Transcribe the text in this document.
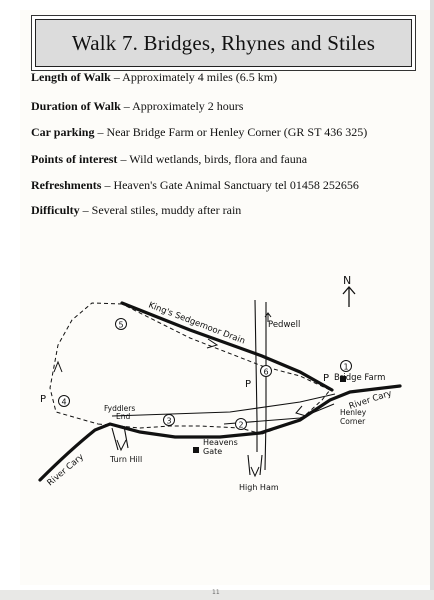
Walk 7. Bridges, Rhynes and Stiles
Length of Walk – Approximately 4 miles (6.5 km)
Duration of Walk – Approximately 2 hours
Car parking – Near Bridge Farm or Henley Corner (GR ST 436 325)
Points of interest – Wild wetlands, birds, flora and fauna
Refreshments – Heaven's Gate Animal Sanctuary tel 01458 252656
Difficulty – Several stiles, muddy after rain
N
King's Sedgemoor Drain	Pedwell
River Cary
River Cary
1
2
3
4
5
6
P
P
P
Bridge Farm
Henley
Corner
Fyddlers
End
Heavens
Gate
Turn Hill
High Ham
11
